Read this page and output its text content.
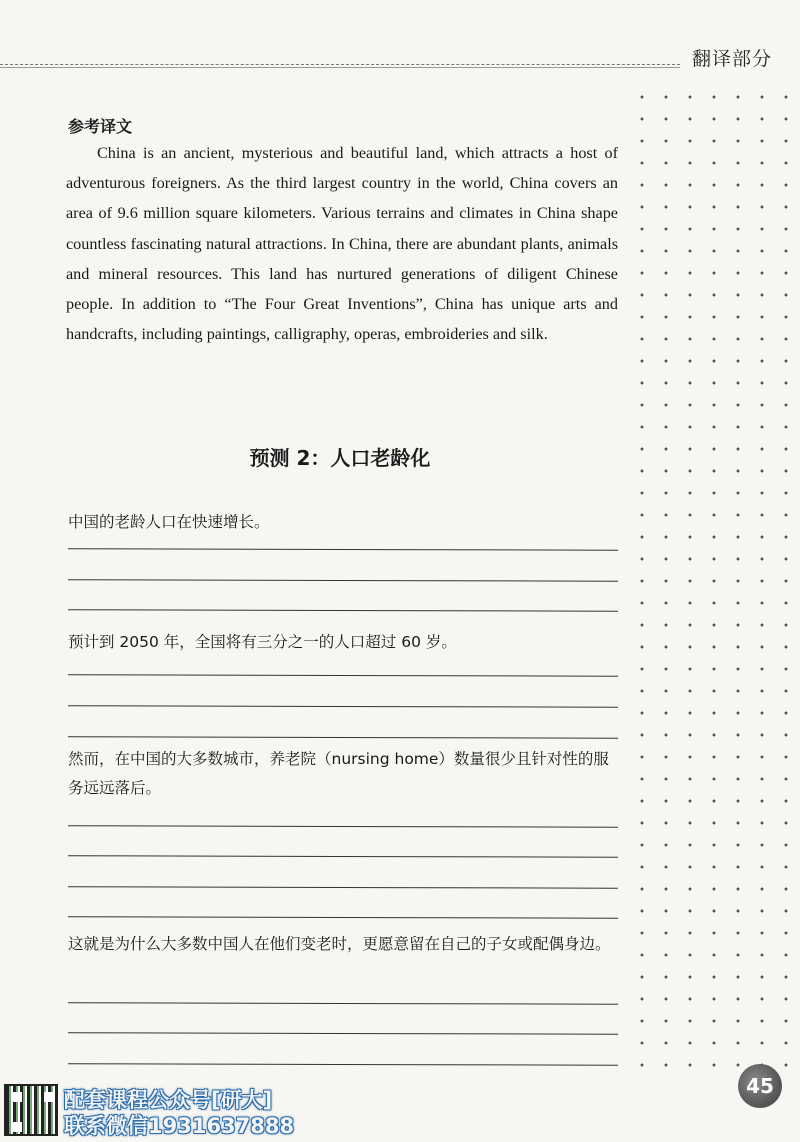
翻译部分
参考译文
China is an ancient, mysterious and beautiful land, which attracts a host of adventurous foreigners. As the third largest country in the world, China covers an area of 9.6 million square kilometers. Various terrains and climates in China shape countless fascinating natural attractions. In China, there are abundant plants, animals and mineral resources. This land has nurtured generations of diligent Chinese people. In addition to “The Four Great Inventions”, China has unique arts and handcrafts, including paintings, calligraphy, operas, embroideries and silk.
预测 2：人口老龄化
中国的老龄人口在快速增长。
预计到 2050 年，全国将有三分之一的人口超过 60 岁。
然而，在中国的大多数城市，养老院（nursing home）数量很少且针对性的服务远远落后。
这就是为什么大多数中国人在他们变老时，更愿意留在自己的子女或配偶身边。
配套课程公众号[研大]
联系微信1931637888
45
